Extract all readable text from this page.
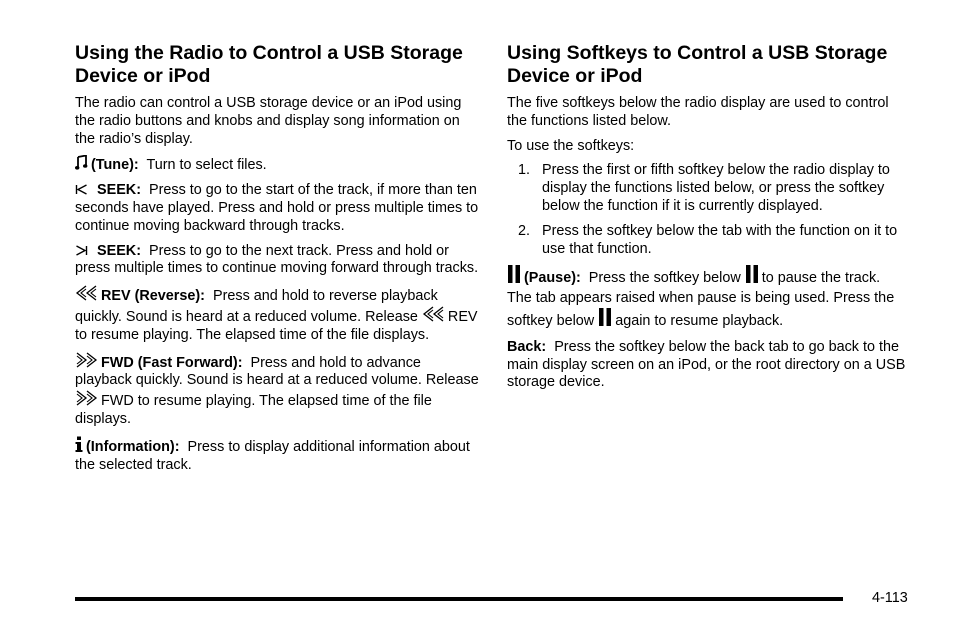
Using the Radio to Control a USB Storage Device or iPod

The radio can control a USB storage device or an iPod using the radio buttons and knobs and display song information on the radio’s display.

(Tune): Turn to select files.

SEEK: Press to go to the start of the track, if more than ten seconds have played. Press and hold or press multiple times to continue moving backward through tracks.

SEEK: Press to go to the next track. Press and hold or press multiple times to continue moving forward through tracks.

REV (Reverse): Press and hold to reverse playback quickly. Sound is heard at a reduced volume. Release REV to resume playing. The elapsed time of the file displays.

FWD (Fast Forward): Press and hold to advance playback quickly. Sound is heard at a reduced volume. Release
FWD to resume playing. The elapsed time of the file displays.

(Information): Press to display additional information about the selected track.

Using Softkeys to Control a USB Storage Device or iPod

The five softkeys below the radio display are used to control the functions listed below.

To use the softkeys:

1. Press the first or fifth softkey below the radio display to display the functions listed below, or press the softkey below the function if it is currently displayed.
2. Press the softkey below the tab with the function on it to use that function.

(Pause): Press the softkey below to pause the track. The tab appears raised when pause is being used. Press the softkey below again to resume playback.

Back: Press the softkey below the back tab to go back to the main display screen on an iPod, or the root directory on a USB storage device.

4-113
